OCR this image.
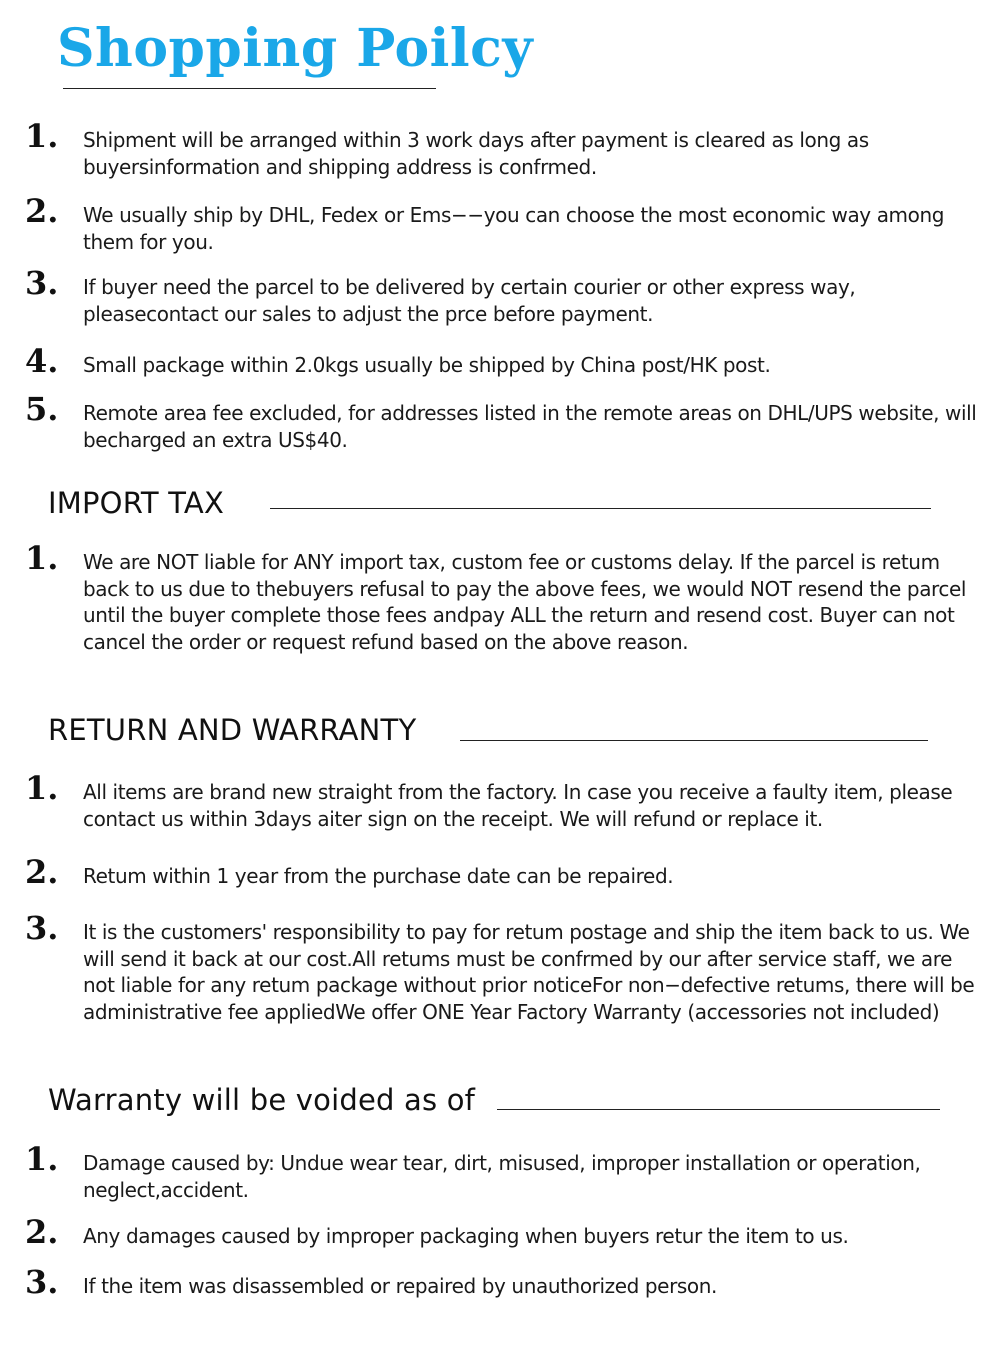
Shopping Poilcy
1. Shipment will be arranged within 3 work days after payment is cleared as long as buyersinformation and shipping address is confrmed.

2. We usually ship by DHL, Fedex or Ems−−you can choose the most economic way among them for you.

3. If buyer need the parcel to be delivered by certain courier or other express way, pleasecontact our sales to adjust the prce before payment.

4. Small package within 2.0kgs usually be shipped by China post/HK post.

5. Remote area fee excluded, for addresses listed in the remote areas on DHL/UPS website, will becharged an extra US$40.

IMPORT TAX
1. We are NOT liable for ANY import tax, custom fee or customs delay. If the parcel is retum back to us due to thebuyers refusal to pay the above fees, we would NOT resend the parcel until the buyer complete those fees andpay ALL the return and resend cost. Buyer can not cancel the order or request refund based on the above reason.

RETURN AND WARRANTY
1. All items are brand new straight from the factory. In case you receive a faulty item, please contact us within 3days aiter sign on the receipt. We will refund or replace it.

2. Retum within 1 year from the purchase date can be repaired.

3. It is the customers' responsibility to pay for retum postage and ship the item back to us. We will send it back at our cost.All retums must be confrmed by our after service staff, we are not liable for any retum package without prior noticeFor non−defective retums, there will be administrative fee appliedWe offer ONE Year Factory Warranty (accessories not included)

Warranty will be voided as of
1. Damage caused by: Undue wear tear, dirt, misused, improper installation or operation, neglect,accident.

2. Any damages caused by improper packaging when buyers retur the item to us.

3. If the item was disassembled or repaired by unauthorized person.
